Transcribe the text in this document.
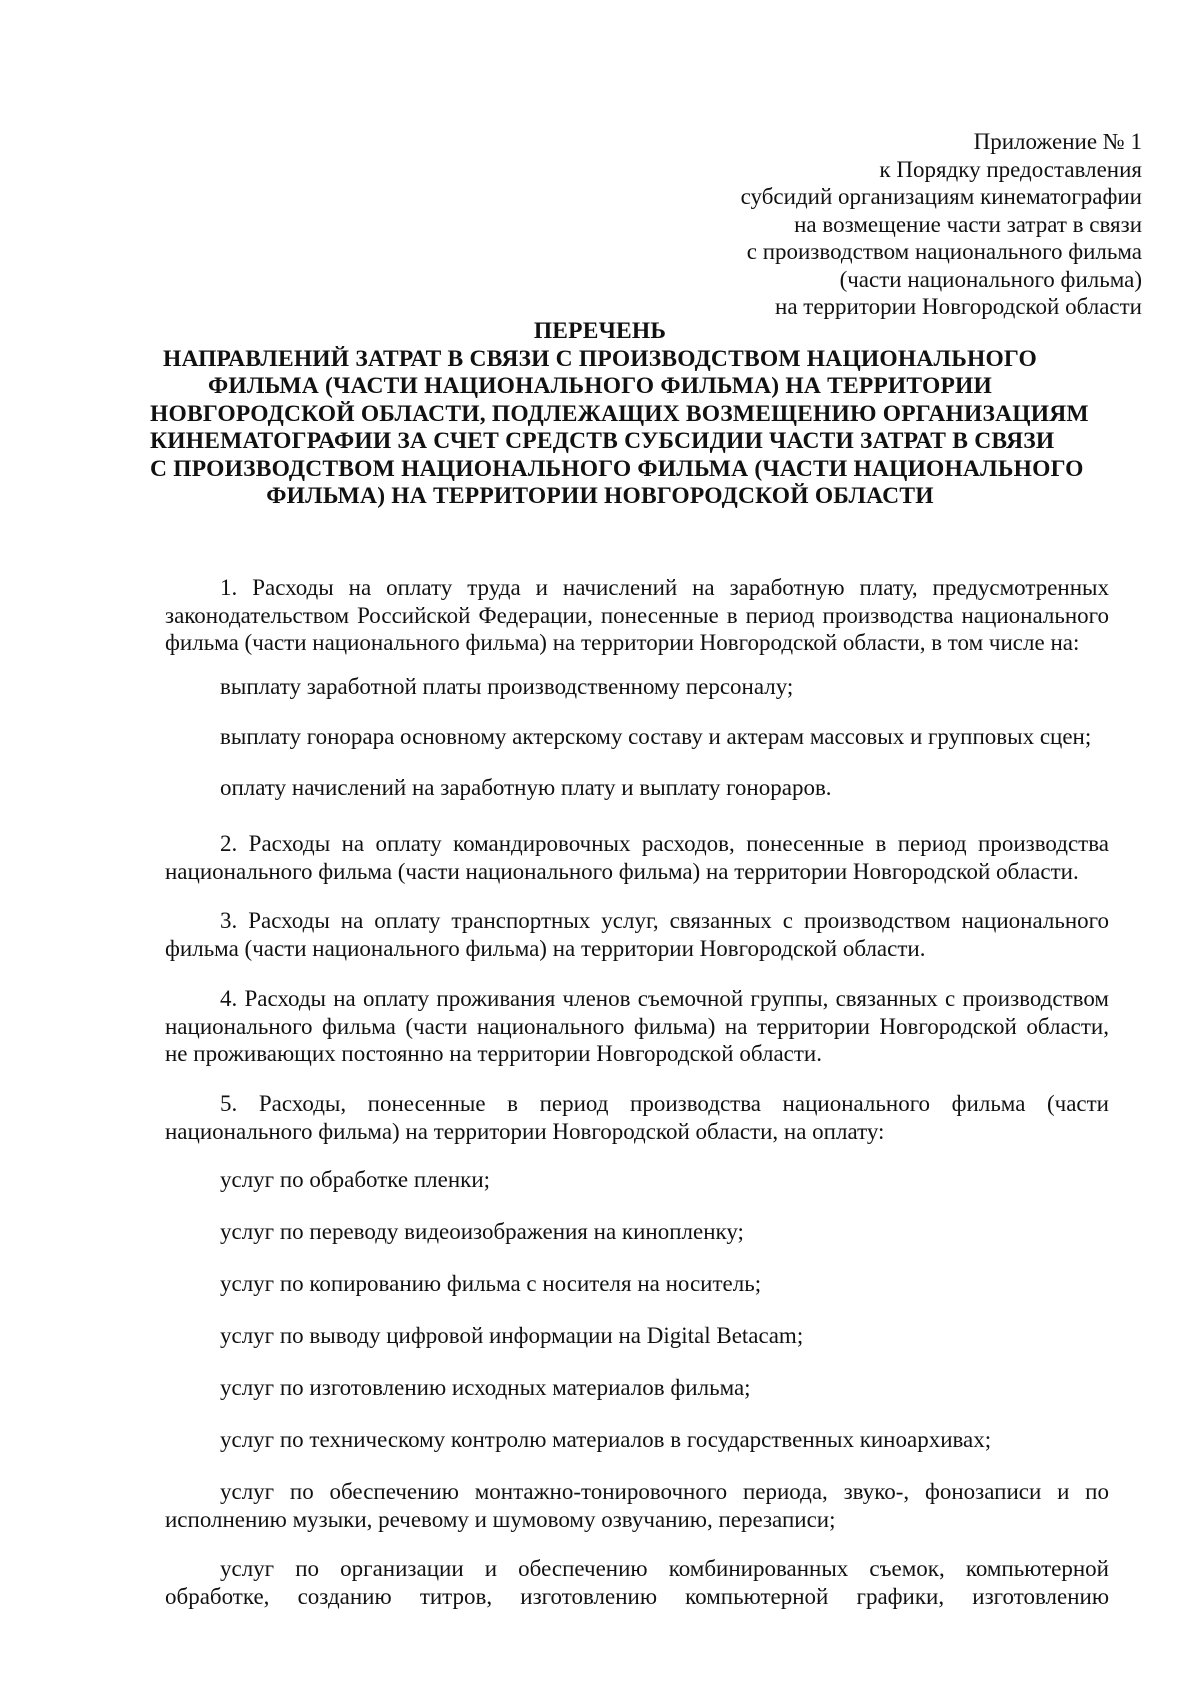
Приложение № 1
к Порядку предоставления
субсидий организациям кинематографии
на возмещение части затрат в связи
с производством национального фильма
(части национального фильма)
на территории Новгородской области
ПЕРЕЧЕНЬ
НАПРАВЛЕНИЙ ЗАТРАТ В СВЯЗИ С ПРОИЗВОДСТВОМ НАЦИОНАЛЬНОГО
ФИЛЬМА (ЧАСТИ НАЦИОНАЛЬНОГО ФИЛЬМА) НА ТЕРРИТОРИИ
НОВГОРОДСКОЙ ОБЛАСТИ, ПОДЛЕЖАЩИХ ВОЗМЕЩЕНИЮ ОРГАНИЗАЦИЯМ
КИНЕМАТОГРАФИИ ЗА СЧЕТ СРЕДСТВ СУБСИДИИ ЧАСТИ ЗАТРАТ В СВЯЗИ
С ПРОИЗВОДСТВОМ НАЦИОНАЛЬНОГО ФИЛЬМА (ЧАСТИ НАЦИОНАЛЬНОГО
ФИЛЬМА) НА ТЕРРИТОРИИ НОВГОРОДСКОЙ ОБЛАСТИ
1. Расходы на оплату труда и начислений на заработную плату, предусмотренных
законодательством Российской Федерации, понесенные в период производства национального
фильма (части национального фильма) на территории Новгородской области, в том числе на:
выплату заработной платы производственному персоналу;
выплату гонорара основному актерскому составу и актерам массовых и групповых сцен;
оплату начислений на заработную плату и выплату гонораров.
2. Расходы на оплату командировочных расходов, понесенные в период производства
национального фильма (части национального фильма) на территории Новгородской области.
3. Расходы на оплату транспортных услуг, связанных с производством национального
фильма (части национального фильма) на территории Новгородской области.
4. Расходы на оплату проживания членов съемочной группы, связанных с производством
национального фильма (части национального фильма) на территории Новгородской области,
не проживающих постоянно на территории Новгородской области.
5. Расходы, понесенные в период производства национального фильма (части
национального фильма) на территории Новгородской области, на оплату:
услуг по обработке пленки;
услуг по переводу видеоизображения на кинопленку;
услуг по копированию фильма с носителя на носитель;
услуг по выводу цифровой информации на Digital Betacam;
услуг по изготовлению исходных материалов фильма;
услуг по техническому контролю материалов в государственных киноархивах;
услуг по обеспечению монтажно-тонировочного периода, звуко-, фонозаписи и по
исполнению музыки, речевому и шумовому озвучанию, перезаписи;
услуг по организации и обеспечению комбинированных съемок, компьютерной
обработке, созданию титров, изготовлению компьютерной графики, изготовлению
